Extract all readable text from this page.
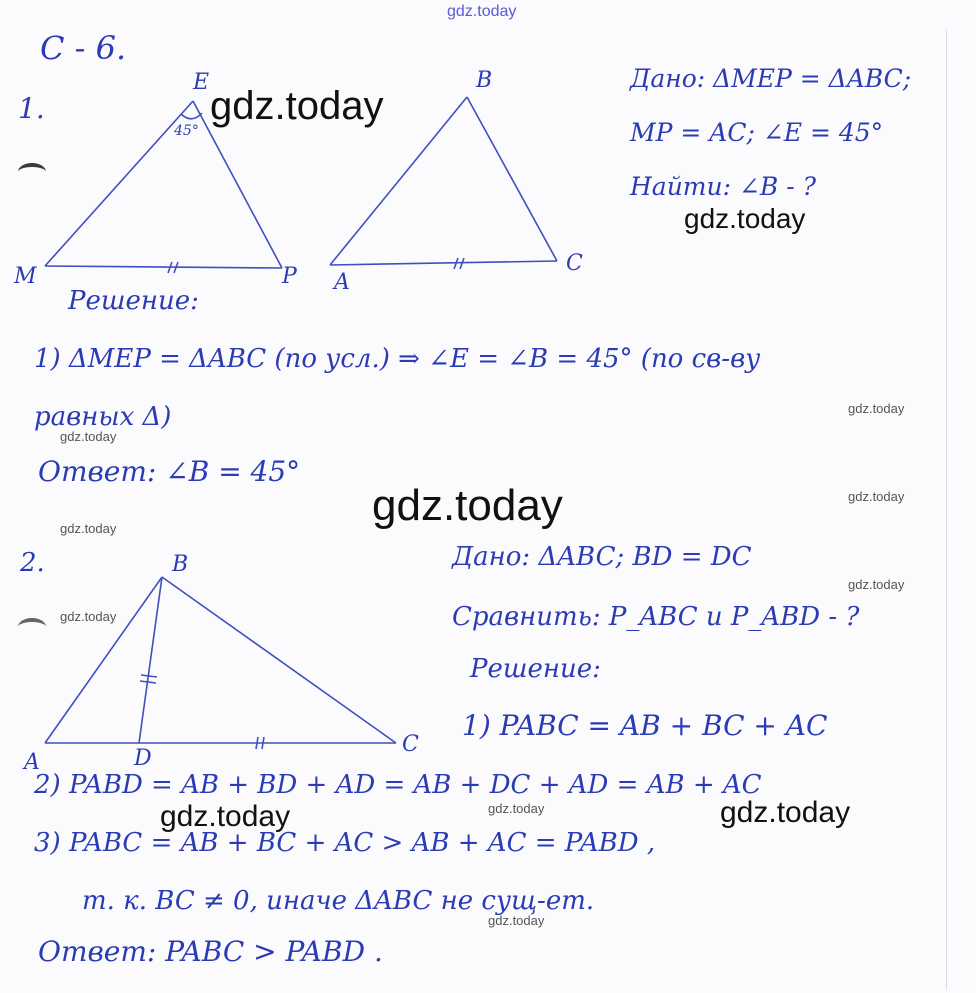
gdz.today
С - 6.
1.
E
45°
M	P
B
A
C
gdz.today
Дано: ΔMEP = ΔABC;
MP = AC; ∠E = 45°
Найти: ∠B - ?
gdz.today
Решение:
1) ΔMEP = ΔABC (по усл.) ⇒ ∠E = ∠B = 45° (по св-ву
равных Δ)	gdz.today
gdz.today
Ответ: ∠B = 45°
gdz.today	gdz.today
gdz.today
2.
gdz.today
B
A
C
D
Дано: ΔABC; BD = DC
gdz.today
Сравнить: P_ABC и P_ABD - ?
Решение:
1) PABC = AB + BC + AC
2) PABD = AB + BD + AD = AB + DC + AD = AB + AC
gdz.today	gdz.today	gdz.today
3) PABC = AB + BC + AC > AB + AC = PABD ,
т. к. BC ≠ 0, иначе ΔABC не сущ-ет.
gdz.today
Ответ: PABC > PABD .
